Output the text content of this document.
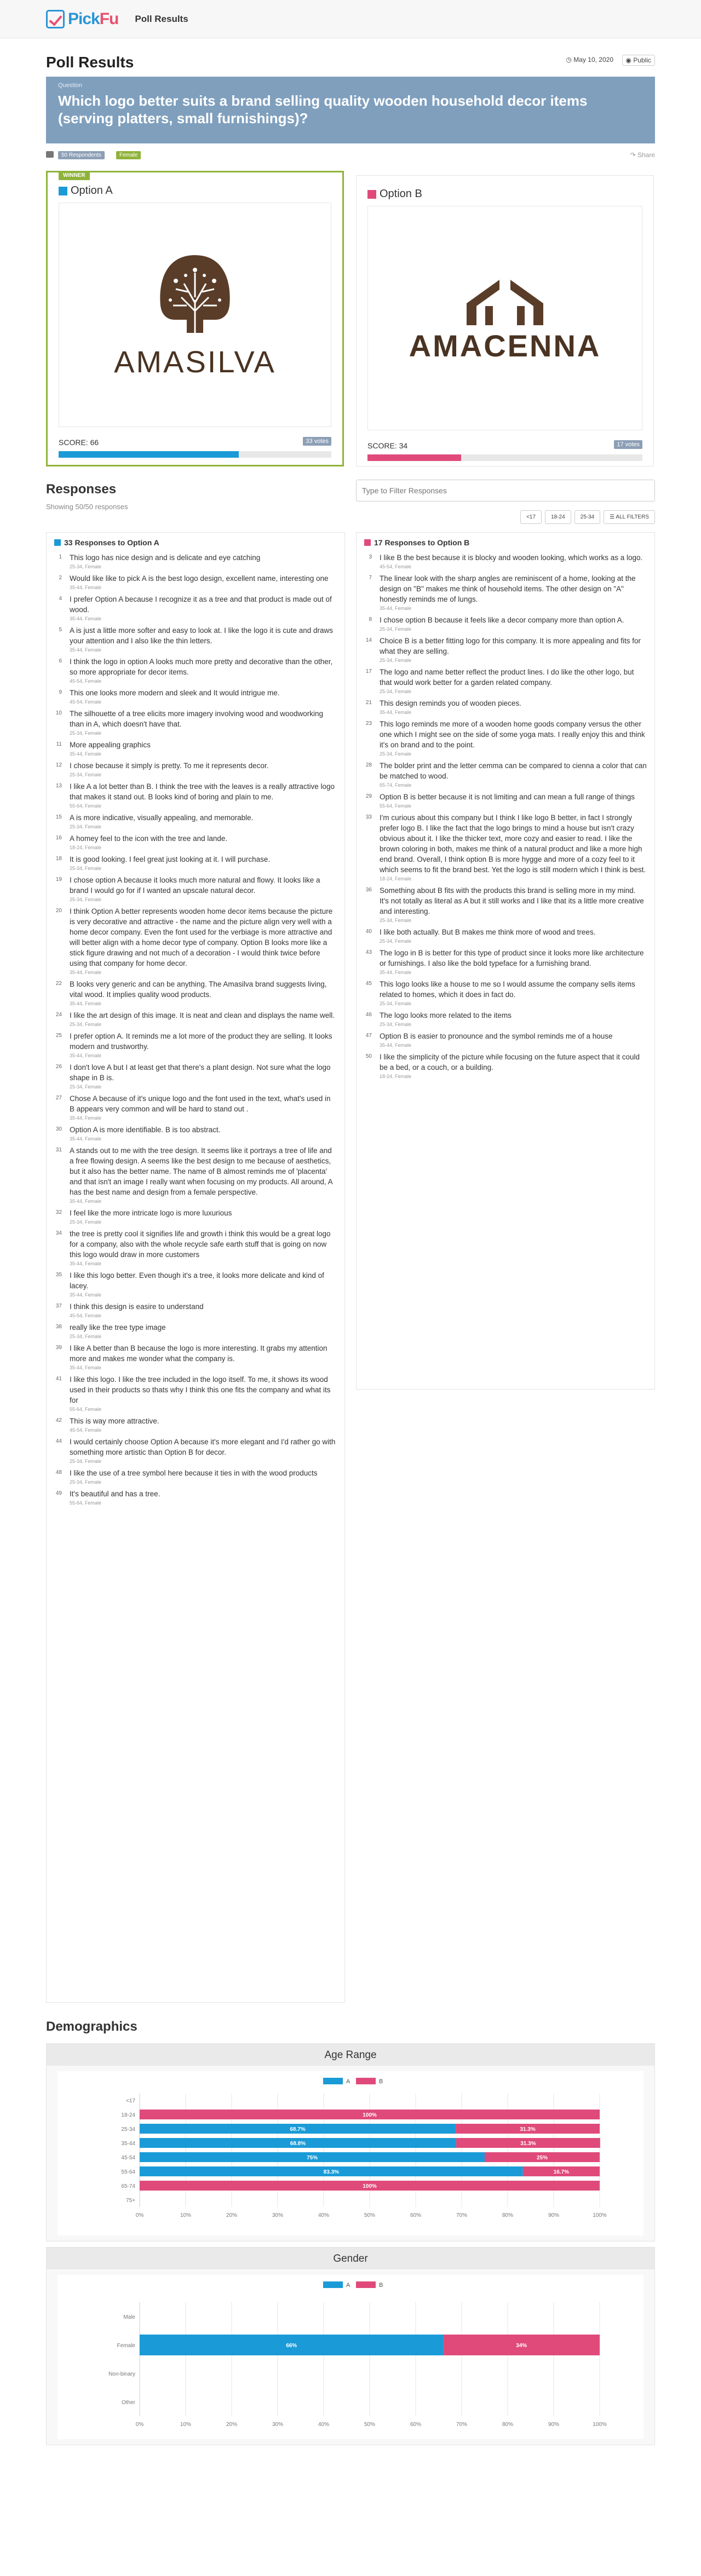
PickFu Poll Results
Poll Results	◷ May 10, 2020	◉ Public
Question
Which logo better suits a brand selling quality wooden household decor items (serving platters, small furnishings)?
50 Respondents	Female	↷ Share
WINNER
Option A
AMASILVA
SCORE: 66	33 votes
Option B
AMACENNA
SCORE: 34	17 votes
Responses
Showing 50/50 responses
Type to Filter Responses
<17	18-24	25-34	☰ ALL FILTERS
33 Responses to Option A
1 This logo has nice design and is delicate and eye catching
25-34, Female
2 Would like like to pick A is the best logo design, excellent name, interesting one
35-44, Female
4 I prefer Option A because I recognize it as a tree and that product is made out of wood.
35-44, Female
5 A is just a little more softer and easy to look at. I like the logo it is cute and draws your attention and I also like the thin letters.
35-44, Female
6 I think the logo in option A looks much more pretty and decorative than the other, so more appropriate for decor items.
45-54, Female
9 This one looks more modern and sleek and It would intrigue me.
45-54, Female
10 The silhouette of a tree elicits more imagery involving wood and woodworking than in A, which doesn't have that.
25-34, Female
11 More appealing graphics
35-44, Female
12 I chose because it simply is pretty. To me it represents decor.
25-34, Female
13 I like A a lot better than B. I think the tree with the leaves is a really attractive logo that makes it stand out. B looks kind of boring and plain to me.
55-64, Female
15 A is more indicative, visually appealing, and memorable.
25-34, Female
16 A homey feel to the icon with the tree and lande.
18-24, Female
18 It is good looking. I feel great just looking at it. I will purchase.
25-34, Female
19 I chose option A because it looks much more natural and flowy. It looks like a brand I would go for if I wanted an upscale natural decor.
25-34, Female
20 I think Option A better represents wooden home decor items because the picture is very decorative and attractive - the name and the picture align very well with a home decor company. Even the font used for the verbiage is more attractive and will better align with a home decor type of company. Option B looks more like a stick figure drawing and not much of a decoration - I would think twice before using that company for home decor.
35-44, Female
22 B looks very generic and can be anything. The Amasilva brand suggests living, vital wood. It implies quality wood products.
35-44, Female
24 I like the art design of this image. It is neat and clean and displays the name well.
25-34, Female
25 I prefer option A. It reminds me a lot more of the product they are selling. It looks modern and trustworthy.
35-44, Female
26 I don't love A but I at least get that there's a plant design. Not sure what the logo shape in B is.
25-34, Female
27 Chose A because of it's unique logo and the font used in the text, what's used in B appears very common and will be hard to stand out .
35-44, Female
30 Option A is more identifiable. B is too abstract.
35-44, Female
31 A stands out to me with the tree design. It seems like it portrays a tree of life and a free flowing design. A seems like the best design to me because of aesthetics, but it also has the better name. The name of B almost reminds me of 'placenta' and that isn't an image I really want when focusing on my products. All around, A has the best name and design from a female perspective.
35-44, Female
32 I feel like the more intricate logo is more luxurious
25-34, Female
34 the tree is pretty cool it signifies life and growth i think this would be a great logo for a company, also with the whole recycle safe earth stuff that is going on now this logo would draw in more customers
35-44, Female
35 I like this logo better. Even though it's a tree, it looks more delicate and kind of lacey.
35-44, Female
37 I think this design is easire to understand
45-54, Female
38 really like the tree type image
25-34, Female
39 I like A better than B because the logo is more interesting. It grabs my attention more and makes me wonder what the company is.
35-44, Female
41 I like this logo. I like the tree included in the logo itself. To me, it shows its wood used in their products so thats why I think this one fits the company and what its for
55-64, Female
42 This is way more attractive.
45-54, Female
44 I would certainly choose Option A because it's more elegant and I'd rather go with something more artistic than Option B for decor.
25-34, Female
48 I like the use of a tree symbol here because it ties in with the wood products
25-34, Female
49 It's beautiful and has a tree.
55-64, Female
17 Responses to Option B
3 I like B the best because it is blocky and wooden looking, which works as a logo.
45-54, Female
7 The linear look with the sharp angles are reminiscent of a home, looking at the design on "B" makes me think of household items. The other design on "A" honestly reminds me of lungs.
35-44, Female
8 I chose option B because it feels like a decor company more than option A.
25-34, Female
14 Choice B is a better fitting logo for this company. It is more appealing and fits for what they are selling.
25-34, Female
17 The logo and name better reflect the product lines. I do like the other logo, but that would work better for a garden related company.
25-34, Female
21 This design reminds you of wooden pieces.
35-44, Female
23 This logo reminds me more of a wooden home goods company versus the other one which I might see on the side of some yoga mats. I really enjoy this and think it's on brand and to the point.
25-34, Female
28 The bolder print and the letter cemma can be compared to cienna a color that can be matched to wood.
65-74, Female
29 Option B is better because it is not limiting and can mean a full range of things
55-64, Female
33 I'm curious about this company but I think I like logo B better, in fact I strongly prefer logo B. I like the fact that the logo brings to mind a house but isn't crazy obvious about it. I like the thicker text, more cozy and easier to read. I like the brown coloring in both, makes me think of a natural product and like a more high end brand. Overall, I think option B is more hygge and more of a cozy feel to it which seems to fit the brand best. Yet the logo is still modern which I think is best.
18-24, Female
36 Something about B fits with the products this brand is selling more in my mind. It's not totally as literal as A but it still works and I like that its a little more creative and interesting.
25-34, Female
40 I like both actually. But B makes me think more of wood and trees.
25-34, Female
43 The logo in B is better for this type of product since it looks more like architecture or furnishings. I also like the bold typeface for a furnishing brand.
35-44, Female
45 This logo looks like a house to me so I would assume the company sells items related to homes, which it does in fact do.
25-34, Female
46 The logo looks more related to the items
25-34, Female
47 Option B is easier to pronounce and the symbol reminds me of a house
35-44, Female
50 I like the simplicity of the picture while focusing on the future aspect that it could be a bed, or a couch, or a building.
18-24, Female
Demographics
Age Range
A	B
0%	10%	20%	30%	40%	50%	60%	70%	80%	90%	100%
<17
18-24	100%
25-34	68.7%	31.3%
35-44	68.8%	31.3%
45-54	75%	25%
55-64	83.3%	16.7%
65-74	100%
75+
Gender
A	B
0%	10%	20%	30%	40%	50%	60%	70%	80%	90%	100%
Male
Female	66%	34%
Non-binary
Other
